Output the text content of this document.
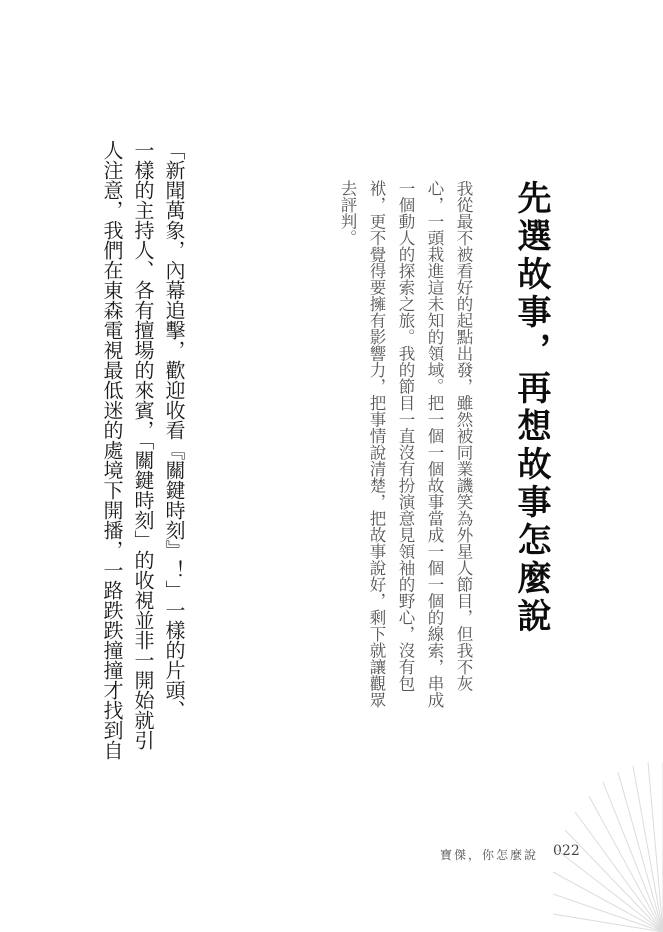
先選故事，再想故事怎麼說
我從最不被看好的起點出發，雖然被同業譏笑為外星人節目，但我不灰
心，一頭栽進這未知的領域。把一個一個故事當成一個一個的線索，串成
一個動人的探索之旅。我的節目一直沒有扮演意見領袖的野心，沒有包
袱，更不覺得要擁有影響力，把事情說清楚，把故事說好，剩下就讓觀眾
去評判。
「新聞萬象，內幕追擊，歡迎收看『關鍵時刻』！」一樣的片頭、
一樣的主持人、各有擅場的來賓，「關鍵時刻」的收視並非一開始就引
人注意，我們在東森電視最低迷的處境下開播，一路跌跌撞撞才找到自
寶傑，你怎麼說 022
